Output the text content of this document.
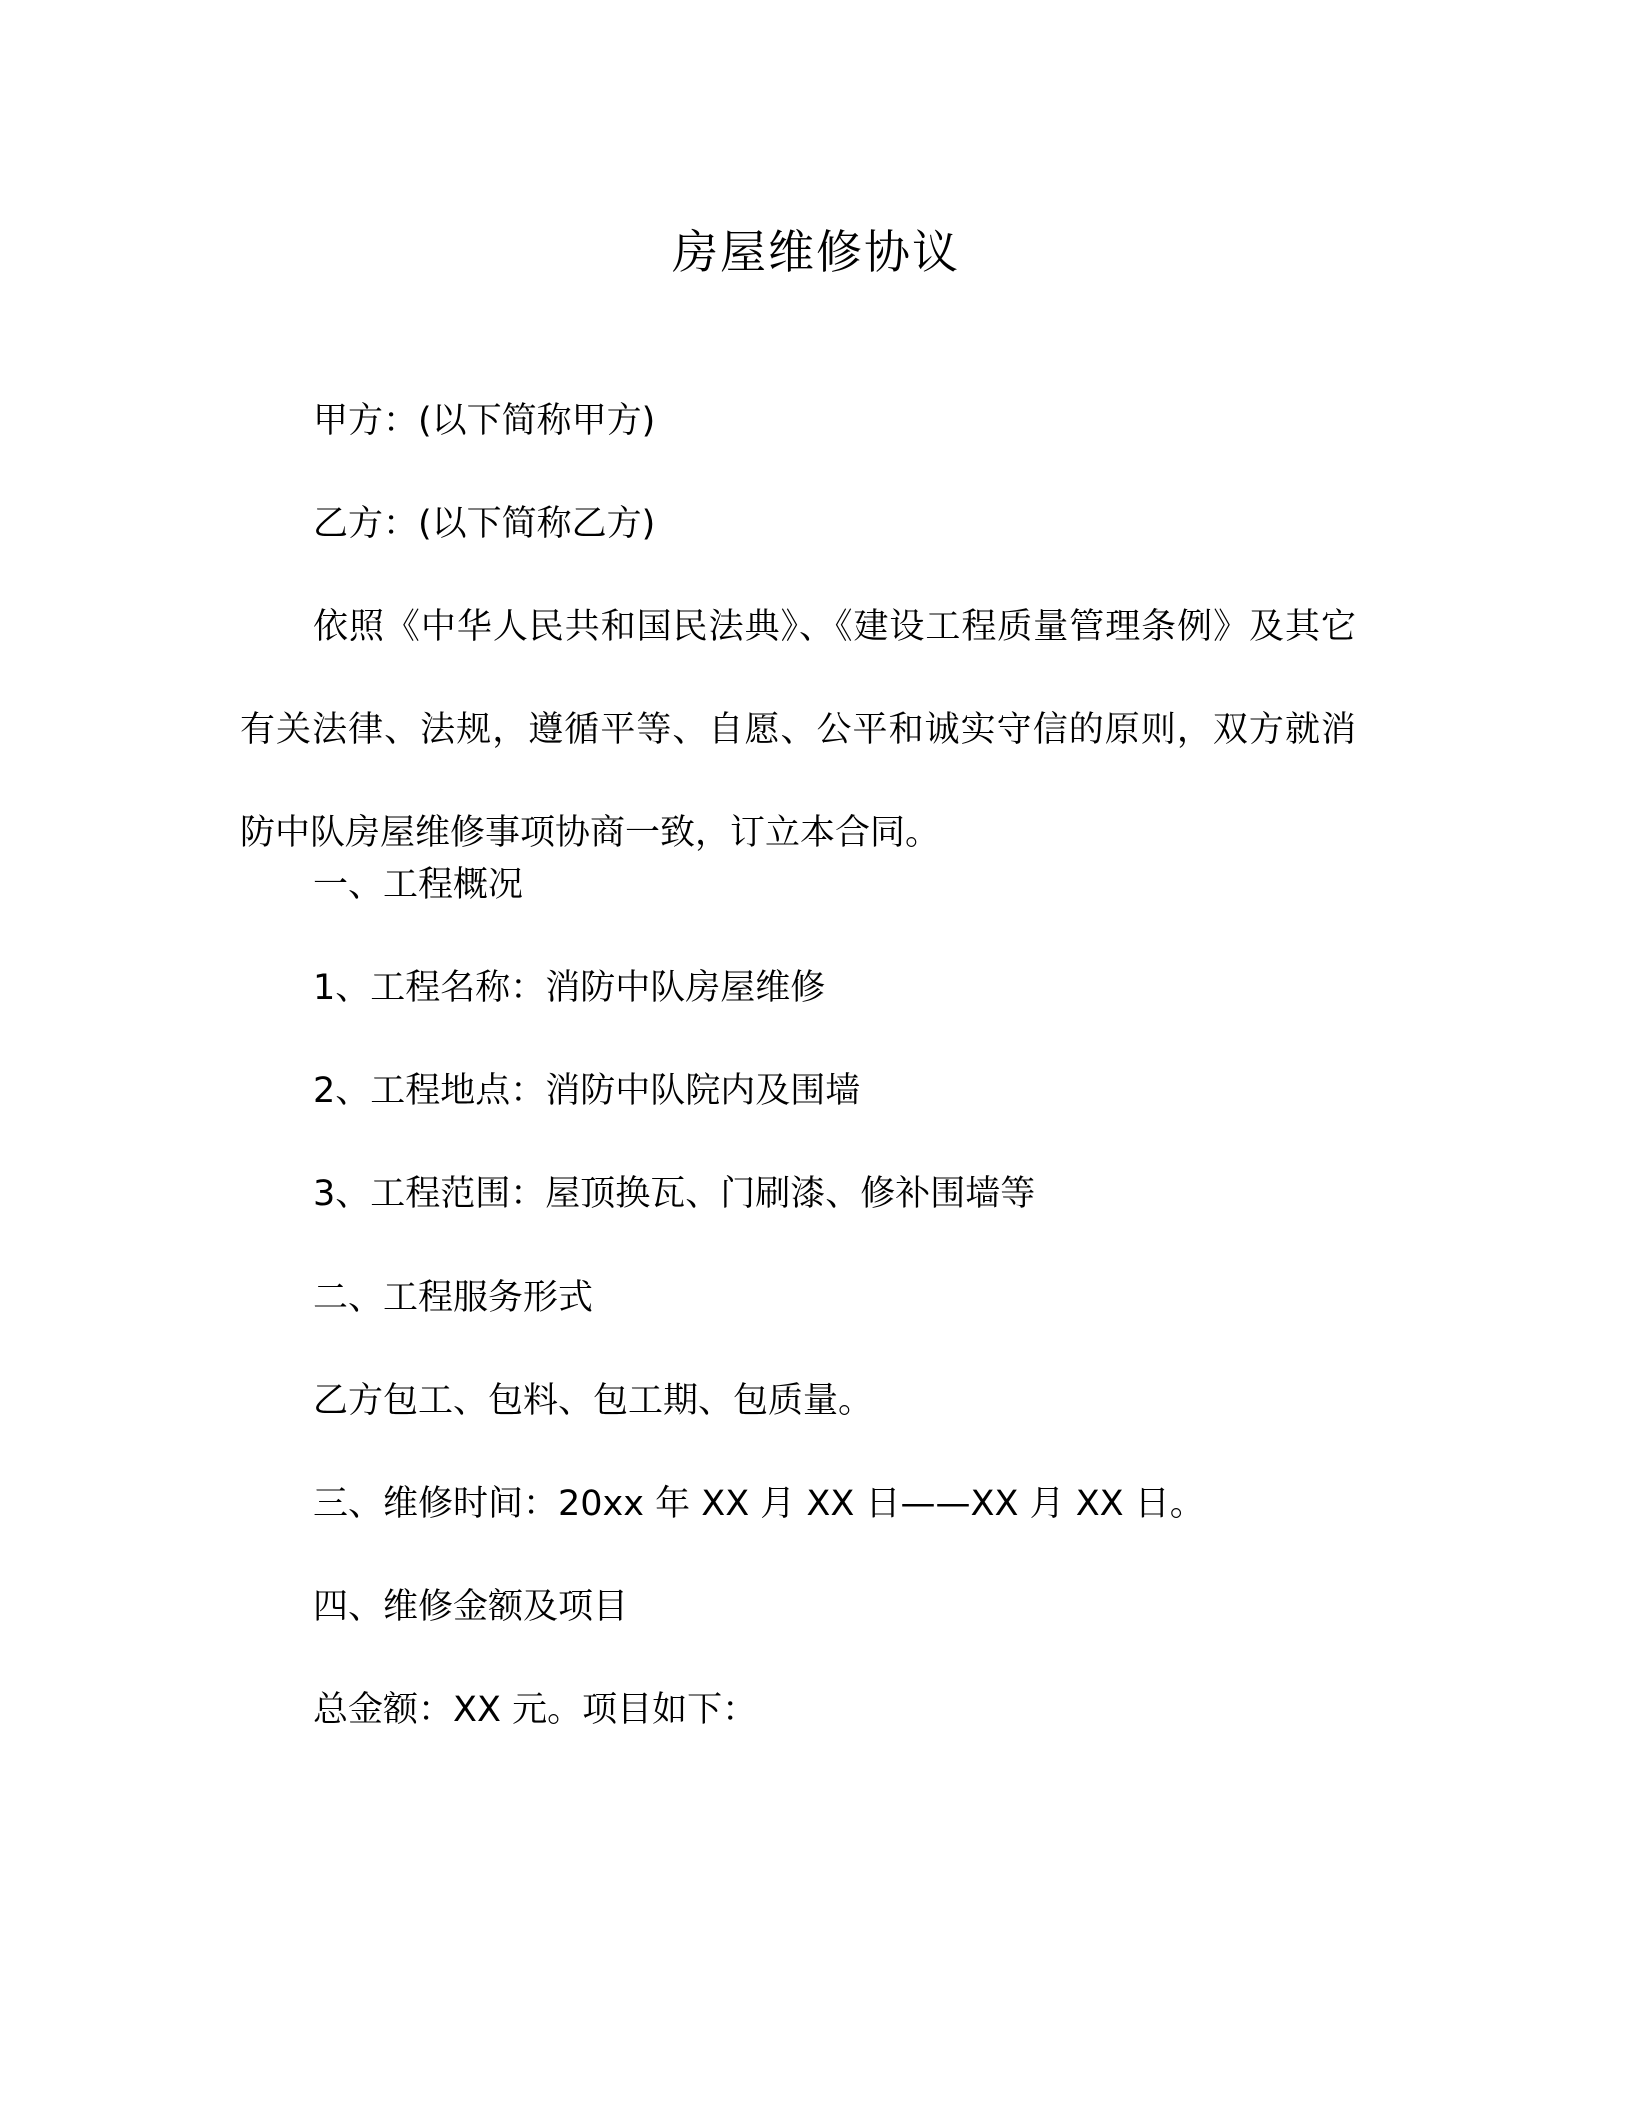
房屋维修协议
甲方：(以下简称甲方)
乙方：(以下简称乙方)
依照《中华人民共和国民法典》、《建设工程质量管理条例》及其它有关法律、法规，遵循平等、自愿、公平和诚实守信的原则，双方就消防中队房屋维修事项协商一致，订立本合同。
一、工程概况
1、工程名称：消防中队房屋维修
2、工程地点：消防中队院内及围墙
3、工程范围：屋顶换瓦、门刷漆、修补围墙等
二、工程服务形式
乙方包工、包料、包工期、包质量。
三、维修时间：20xx 年 XX 月 XX 日——XX 月 XX 日。
四、维修金额及项目
总金额：XX 元。项目如下：
